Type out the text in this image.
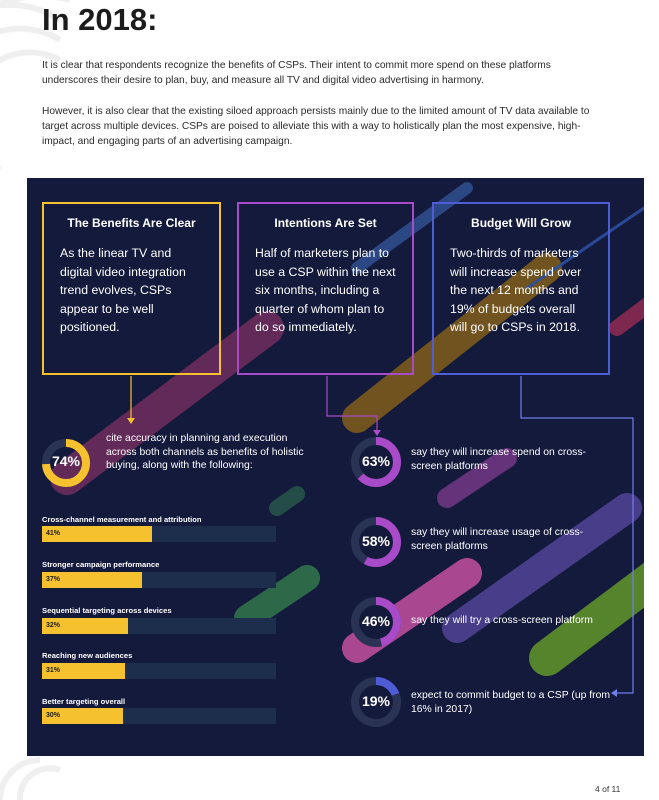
In 2018:

It is clear that respondents recognize the benefits of CSPs. Their intent to commit more spend on these platforms underscores their desire to plan, buy, and measure all TV and digital video advertising in harmony.

However, it is also clear that the existing siloed approach persists mainly due to the limited amount of TV data available to target across multiple devices. CSPs are poised to alleviate this with a way to holistically plan the most expensive, high-impact, and engaging parts of an advertising campaign.

The Benefits Are Clear
As the linear TV and digital video integration trend evolves, CSPs appear to be well positioned.
Intentions Are Set
Half of marketers plan to use a CSP within the next six months, including a quarter of whom plan to do so immediately.
Budget Will Grow
Two-thirds of marketers will increase spend over the next 12 months and 19% of budgets overall will go to CSPs in 2018.
74%
cite accuracy in planning and execution across both channels as benefits of holistic buying, along with the following:
Cross-channel measurement and attribution
41%
Stronger campaign performance
37%
Sequential targeting across devices
32%
Reaching new audiences
31%
Better targeting overall
30%
63%
say they will increase spend on cross-screen platforms
58%
say they will increase usage of cross-screen platforms
46%	say they will try a cross-screen platform
19%	expect to commit budget to a CSP (up from 16% in 2017)
4 of 11
